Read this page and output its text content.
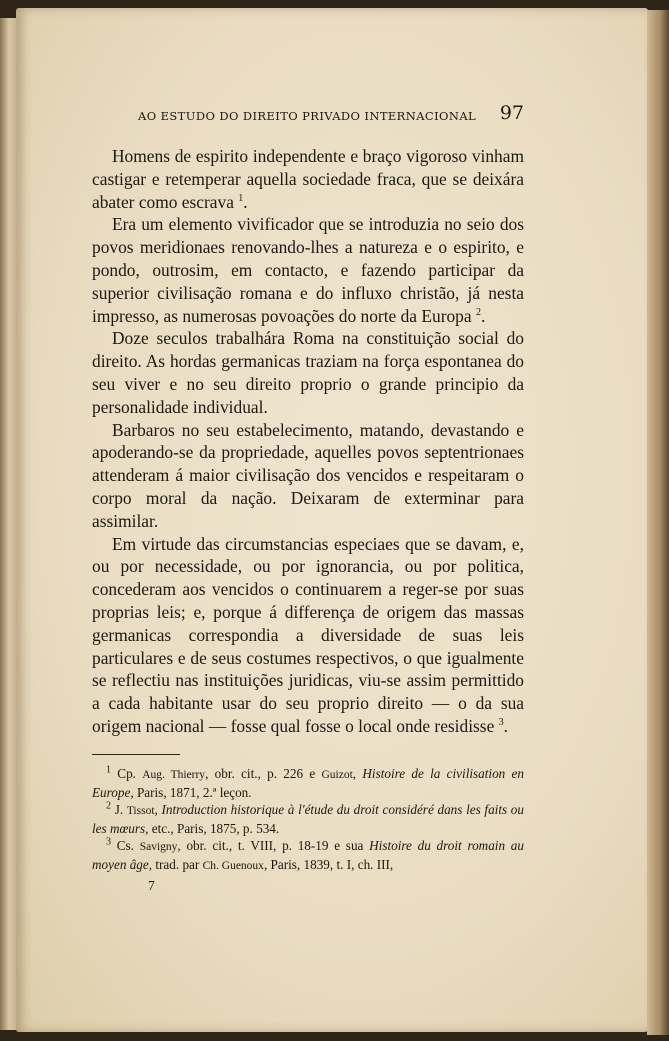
AO ESTUDO DO DIREITO PRIVADO INTERNACIONAL 97

Homens de espirito independente e braço vigoroso vinham castigar e retemperar aquella sociedade fraca, que se deixára abater como escrava $^1$.

Era um elemento vivificador que se introduzia no seio dos povos meridionaes renovando-lhes a natureza e o espirito, e pondo, outrosim, em contacto, e fazendo participar da superior civilisação romana e do influxo christão, já nesta impresso, as numerosas povoações do norte da Europa $^2$.

Doze seculos trabalhára Roma na constituição social do direito. As hordas germanicas traziam na força espontanea do seu viver e no seu direito proprio o grande principio da personalidade individual.

Barbaros no seu estabelecimento, matando, devastando e apoderando-se da propriedade, aquelles povos septentrionaes attenderam á maior civilisação dos vencidos e respeitaram o corpo moral da nação. Deixaram de exterminar para assimilar.

Em virtude das circumstancias especiaes que se davam, e, ou por necessidade, ou por ignorancia, ou por politica, concederam aos vencidos o continuarem a reger-se por suas proprias leis; e, porque á differença de origem das massas germanicas correspondia a diversidade de suas leis particulares e de seus costumes respectivos, o que igualmente se reflectiu nas instituições juridicas, viu-se assim permittido a cada habitante usar do seu proprio direito — o da sua origem nacional — fosse qual fosse o local onde residisse $^3$.

$^1$ Cp. Aug. Thierry, obr. cit., p. 226 e Guizot, Histoire de la civilisation en Europe, Paris, 1871, 2.ª leçon.

$^2$ J. Tissot, Introduction historique à l'étude du droit considéré dans les faits ou les mœurs, etc., Paris, 1875, p. 534.

$^3$ Cs. Savigny, obr. cit., t. VIII, p. 18-19 e sua Histoire du droit romain au moyen âge, trad. par Ch. Guenoux, Paris, 1839, t. I, ch. III,

7
